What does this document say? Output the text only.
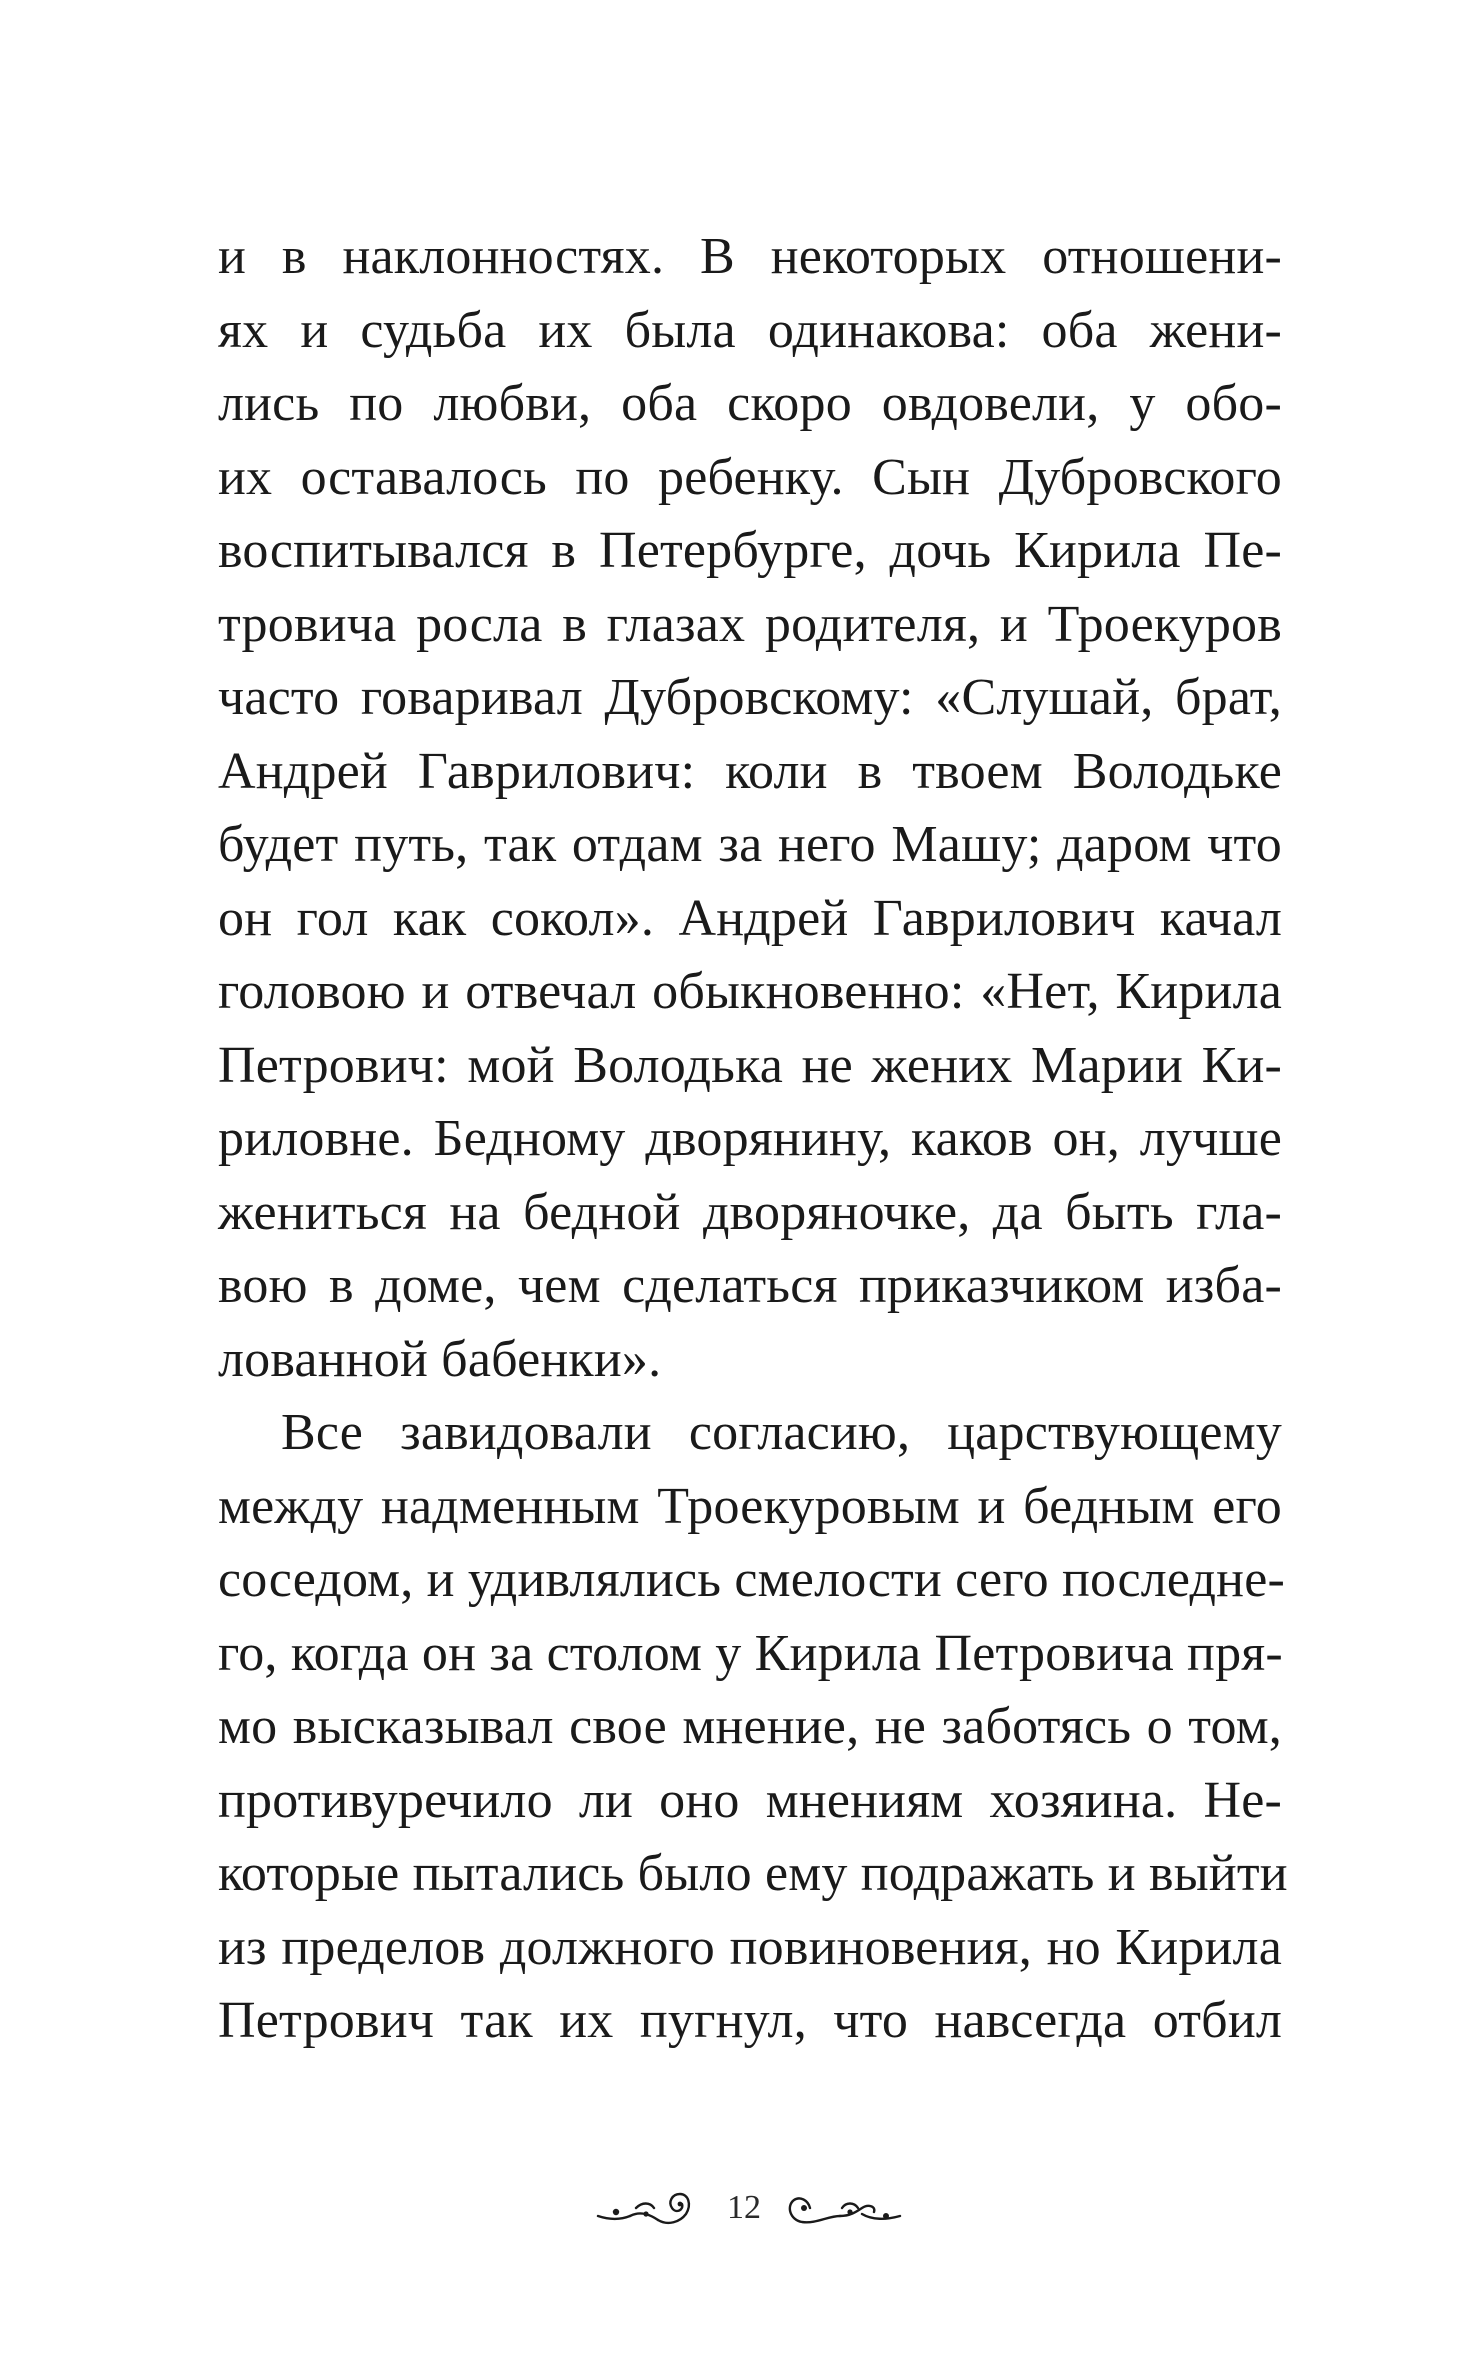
и в наклонностях. В некоторых отношени-
ях и судьба их была одинакова: оба жени-
лись по любви, оба скоро овдовели, у обо-
их оставалось по ребенку. Сын Дубровского
воспитывался в Петербурге, дочь Кирила Пе-
тровича росла в глазах родителя, и Троекуров
часто говаривал Дубровскому: «Слушай, брат,
Андрей Гаврилович: коли в твоем Володьке
будет путь, так отдам за него Машу; даром что
он гол как сокол». Андрей Гаврилович качал
головою и отвечал обыкновенно: «Нет, Кирила
Петрович: мой Володька не жених Марии Ки-
риловне. Бедному дворянину, каков он, лучше
жениться на бедной дворяночке, да быть гла-
вою в доме, чем сделаться приказчиком изба-
лованной бабенки».
Все завидовали согласию, царствующему
между надменным Троекуровым и бедным его
соседом, и удивлялись смелости сего последне-
го, когда он за столом у Кирила Петровича пря-
мо высказывал свое мнение, не заботясь о том,
противуречило ли оно мнениям хозяина. Не-
которые пытались было ему подражать и выйти
из пределов должного повиновения, но Кирила
Петрович так их пугнул, что навсегда отбил
12
